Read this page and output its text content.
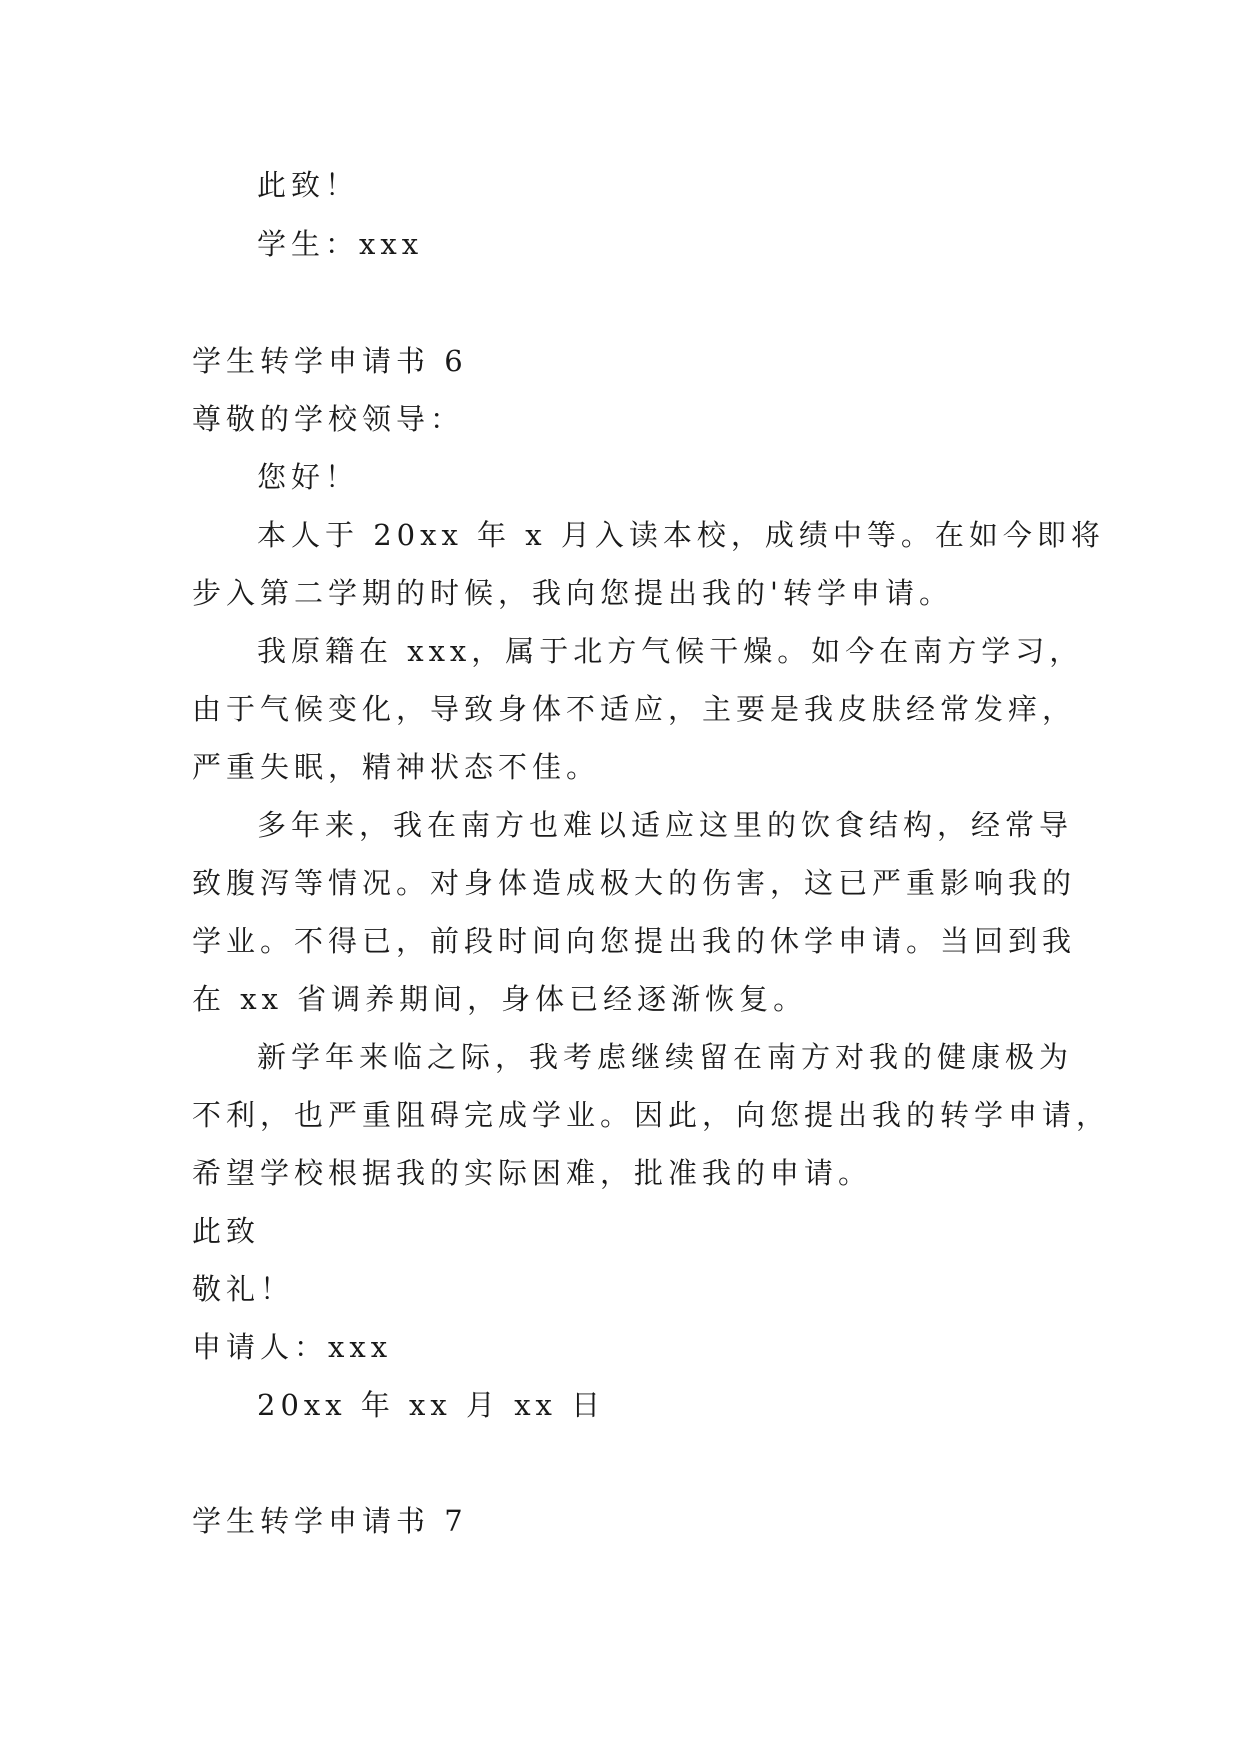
此致！
学生：xxx
学生转学申请书 6
尊敬的学校领导：
您好！
本人于 20xx 年 x 月入读本校，成绩中等。在如今即将
步入第二学期的时候，我向您提出我的'转学申请。
我原籍在 xxx，属于北方气候干燥。如今在南方学习，
由于气候变化，导致身体不适应，主要是我皮肤经常发痒，
严重失眠，精神状态不佳。
多年来，我在南方也难以适应这里的饮食结构，经常导
致腹泻等情况。对身体造成极大的伤害，这已严重影响我的
学业。不得已，前段时间向您提出我的休学申请。当回到我
在 xx 省调养期间，身体已经逐渐恢复。
新学年来临之际，我考虑继续留在南方对我的健康极为
不利，也严重阻碍完成学业。因此，向您提出我的转学申请，
希望学校根据我的实际困难，批准我的申请。
此致
敬礼！
申请人：xxx
20xx 年 xx 月 xx 日
学生转学申请书 7
